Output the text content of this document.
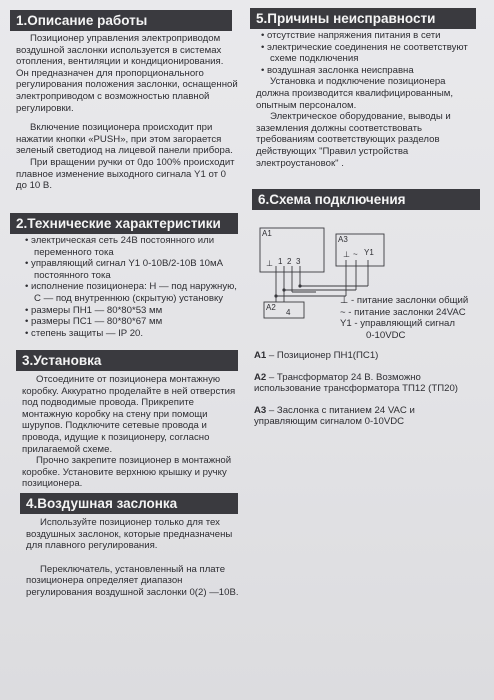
1.Описание работы

Позиционер управления электроприводом воздушной заслонки используется в системах отопления, вентиляции и кондиционирования. Он предназначен для пропорционального регулирования положения заслонки, оснащенной электроприводом с возможностью плавной регулировки.

Включение позиционера происходит при нажатии кнопки «PUSH», при этом загорается зеленый светодиод на лицевой панели прибора.

При вращении ручки от 0до 100% происходит плавное изменение выходного сигнала Y1 от 0 до 10 В.

2.Технические характеристики

• электрическая сеть 24В постоянного или переменного тока

• управляющий сигнал Y1 0-10В/2-10В 10мА постоянного тока

• исполнение позиционера: Н — под наружную, С — под внутреннюю (скрытую) установку

• размеры ПН1 — 80*80*53 мм

• размеры ПС1 — 80*80*67 мм

• степень защиты — IP 20.

3.Установка

Отсоедините от позиционера монтажную коробку. Аккуратно проделайте в ней отверстия под подводимые провода. Прикрепите монтажную коробку на стену при помощи шурупов. Подключите сетевые провода и провода, идущие к позиционеру, согласно прилагаемой схеме.

Прочно закрепите позиционер в монтажной коробке. Установите верхнюю крышку и ручку позиционера.

4.Воздушная заслонка

Используйте позиционер только для тех воздушных заслонок, которые предназначены для плавного регулирования.

Переключатель, установленный на плате позиционера определяет диапазон регулирования воздушной заслонки 0(2) —10В.

5.Причины неисправности

• отсутствие напряжения питания в сети

• электрические соединения не соответствуют схеме подключения

• воздушная заслонка неисправна

Установка и подключение позиционера должна производится квалифицированным, опытным персоналом.

Электрическое оборудование, выводы и заземления должны соответствовать требованиям соответствующих разделов действующих "Правил устройства электроустановок" .

6.Схема подключения
A1
A3
A2
1 2 3
4
⊥
⊥ ~ Y1

⊥ - питание заслонки общий

~ - питание заслонки 24VAC

Y1 - управляющий сигнал

0-10VDC

A1 – Позиционер ПН1(ПС1)

A2 – Трансформатор 24 В. Возможно использование трансформатора ТП12 (ТП20)

A3 – Заслонка с питанием 24 VAC и управляющим сигналом 0-10VDC
